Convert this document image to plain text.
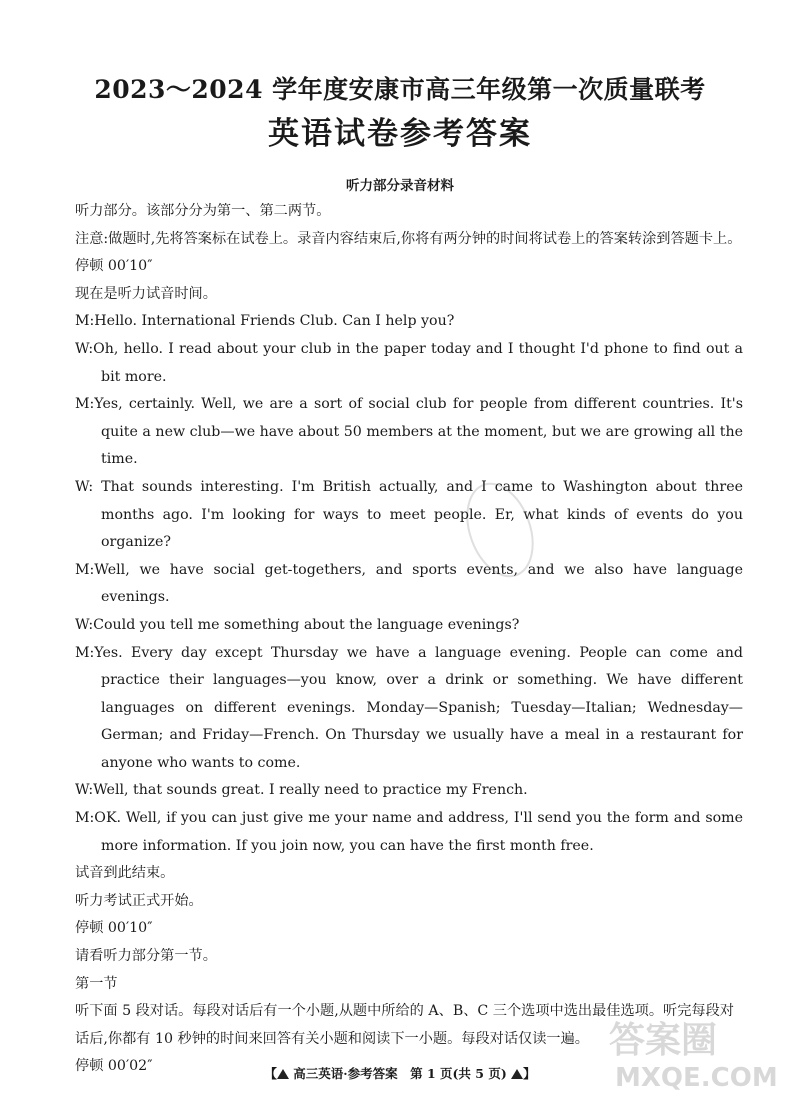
2023～2024 学年度安康市高三年级第一次质量联考
英语试卷参考答案
听力部分录音材料

听力部分。该部分分为第一、第二两节。

注意:做题时,先将答案标在试卷上。录音内容结束后,你将有两分钟的时间将试卷上的答案转涂到答题卡上。

停顿 00′10″

现在是听力试音时间。

M:Hello. International Friends Club. Can I help you?

W:Oh, hello. I read about your club in the paper today and I thought I'd phone to find out a bit more.

M:Yes, certainly. Well, we are a sort of social club for people from different countries. It's quite a new club—we have about 50 members at the moment, but we are growing all the time.

W: That sounds interesting. I'm British actually, and I came to Washington about three months ago. I'm looking for ways to meet people. Er, what kinds of events do you organize?

M:Well, we have social get-togethers, and sports events, and we also have language evenings.

W:Could you tell me something about the language evenings?

M:Yes. Every day except Thursday we have a language evening. People can come and practice their languages—you know, over a drink or something. We have different languages on different evenings. Monday—Spanish; Tuesday—Italian; Wednesday—German; and Friday—French. On Thursday we usually have a meal in a restaurant for anyone who wants to come.

W:Well, that sounds great. I really need to practice my French.

M:OK. Well, if you can just give me your name and address, I'll send you the form and some more information. If you join now, you can have the first month free.

试音到此结束。

听力考试正式开始。

停顿 00′10″

请看听力部分第一节。

第一节

听下面 5 段对话。每段对话后有一个小题,从题中所给的 A、B、C 三个选项中选出最佳选项。听完每段对话后,你都有 10 秒钟的时间来回答有关小题和阅读下一小题。每段对话仅读一遍。

停顿 00′02″	【 高三英语·参考答案　第 1 页(共 5 页) 】
答案圈
MXQE.COM
